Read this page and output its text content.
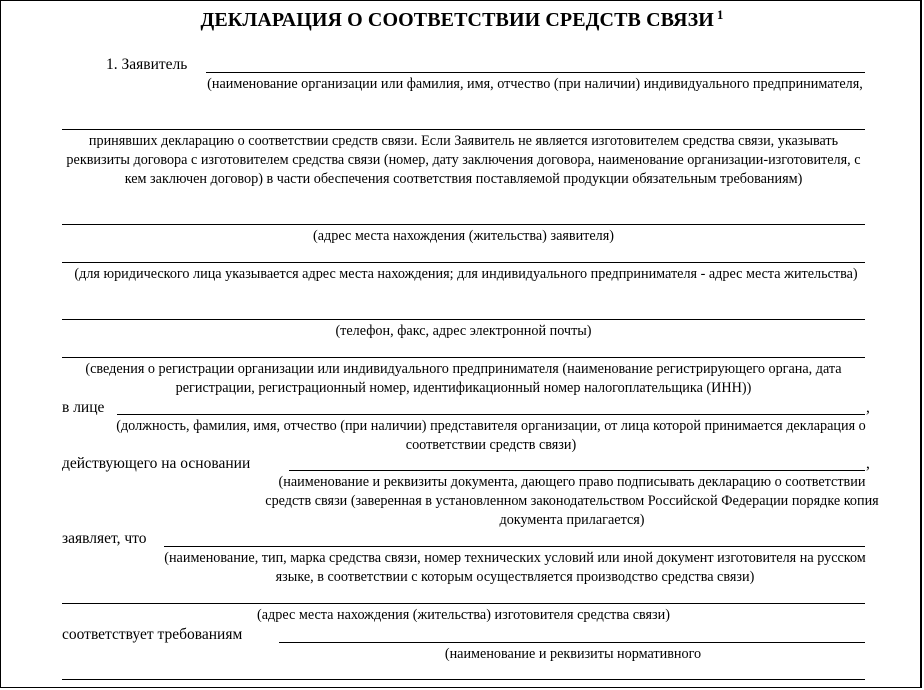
ДЕКЛАРАЦИЯ О СООТВЕТСТВИИ СРЕДСТВ СВЯЗИ $^1$
1. Заявитель
(наименование организации или фамилия, имя, отчество (при наличии) индивидуального предпринимателя,
принявших декларацию о соответствии средств связи. Если Заявитель не является изготовителем средства связи, указывать реквизиты договора с изготовителем средства связи (номер, дату заключения договора, наименование организации-изготовителя, с кем заключен договор) в части обеспечения соответствия поставляемой продукции обязательным требованиям)
(адрес места нахождения (жительства) заявителя)
(для юридического лица указывается адрес места нахождения; для индивидуального предпринимателя - адрес места жительства)
(телефон, факс, адрес электронной почты)
(сведения о регистрации организации или индивидуального предпринимателя (наименование регистрирующего органа, дата регистрации, регистрационный номер, идентификационный номер налогоплательщика (ИНН))
в лице	,
(должность, фамилия, имя, отчество (при наличии) представителя организации, от лица которой принимается декларация о соответствии средств связи)
действующего на основании	,
(наименование и реквизиты документа, дающего право подписывать декларацию о соответствии средств связи (заверенная в установленном законодательством Российской Федерации порядке копия документа прилагается)
заявляет, что
(наименование, тип, марка средства связи, номер технических условий или иной документ изготовителя на русском языке, в соответствии с которым осуществляется производство средства связи)
(адрес места нахождения (жительства) изготовителя средства связи)
соответствует требованиям
(наименование и реквизиты нормативного
